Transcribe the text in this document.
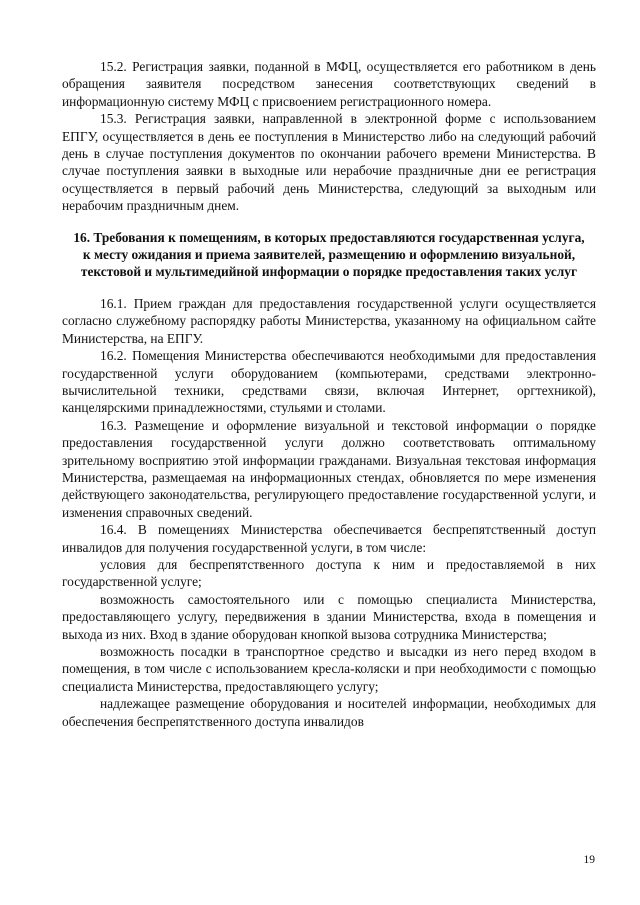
15.2. Регистрация заявки, поданной в МФЦ, осуществляется его работником в день обращения заявителя посредством занесения соответствующих сведений в информационную систему МФЦ с присвоением регистрационного номера.

15.3. Регистрация заявки, направленной в электронной форме с использованием ЕПГУ, осуществляется в день ее поступления в Министерство либо на следующий рабочий день в случае поступления документов по окончании рабочего времени Министерства. В случае поступления заявки в выходные или нерабочие праздничные дни ее регистрация осуществляется в первый рабочий день Министерства, следующий за выходным или нерабочим праздничным днем.

16. Требования к помещениям, в которых предоставляются государственная услуга, к месту ожидания и приема заявителей, размещению и оформлению визуальной, текстовой и мультимедийной информации о порядке предоставления таких услуг

16.1. Прием граждан для предоставления государственной услуги осуществляется согласно служебному распорядку работы Министерства, указанному на официальном сайте Министерства, на ЕПГУ.

16.2. Помещения Министерства обеспечиваются необходимыми для предоставления государственной услуги оборудованием (компьютерами, средствами электронно-вычислительной техники, средствами связи, включая Интернет, оргтехникой), канцелярскими принадлежностями, стульями и столами.

16.3. Размещение и оформление визуальной и текстовой информации о порядке предоставления государственной услуги должно соответствовать оптимальному зрительному восприятию этой информации гражданами. Визуальная текстовая информация Министерства, размещаемая на информационных стендах, обновляется по мере изменения действующего законодательства, регулирующего предоставление государственной услуги, и изменения справочных сведений.

16.4. В помещениях Министерства обеспечивается беспрепятственный доступ инвалидов для получения государственной услуги, в том числе:

условия для беспрепятственного доступа к ним и предоставляемой в них государственной услуге;

возможность самостоятельного или с помощью специалиста Министерства, предоставляющего услугу, передвижения в здании Министерства, входа в помещения и выхода из них. Вход в здание оборудован кнопкой вызова сотрудника Министерства;

возможность посадки в транспортное средство и высадки из него перед входом в помещения, в том числе с использованием кресла-коляски и при необходимости с помощью специалиста Министерства, предоставляющего услугу;

надлежащее размещение оборудования и носителей информации, необходимых для обеспечения беспрепятственного доступа инвалидов

19
